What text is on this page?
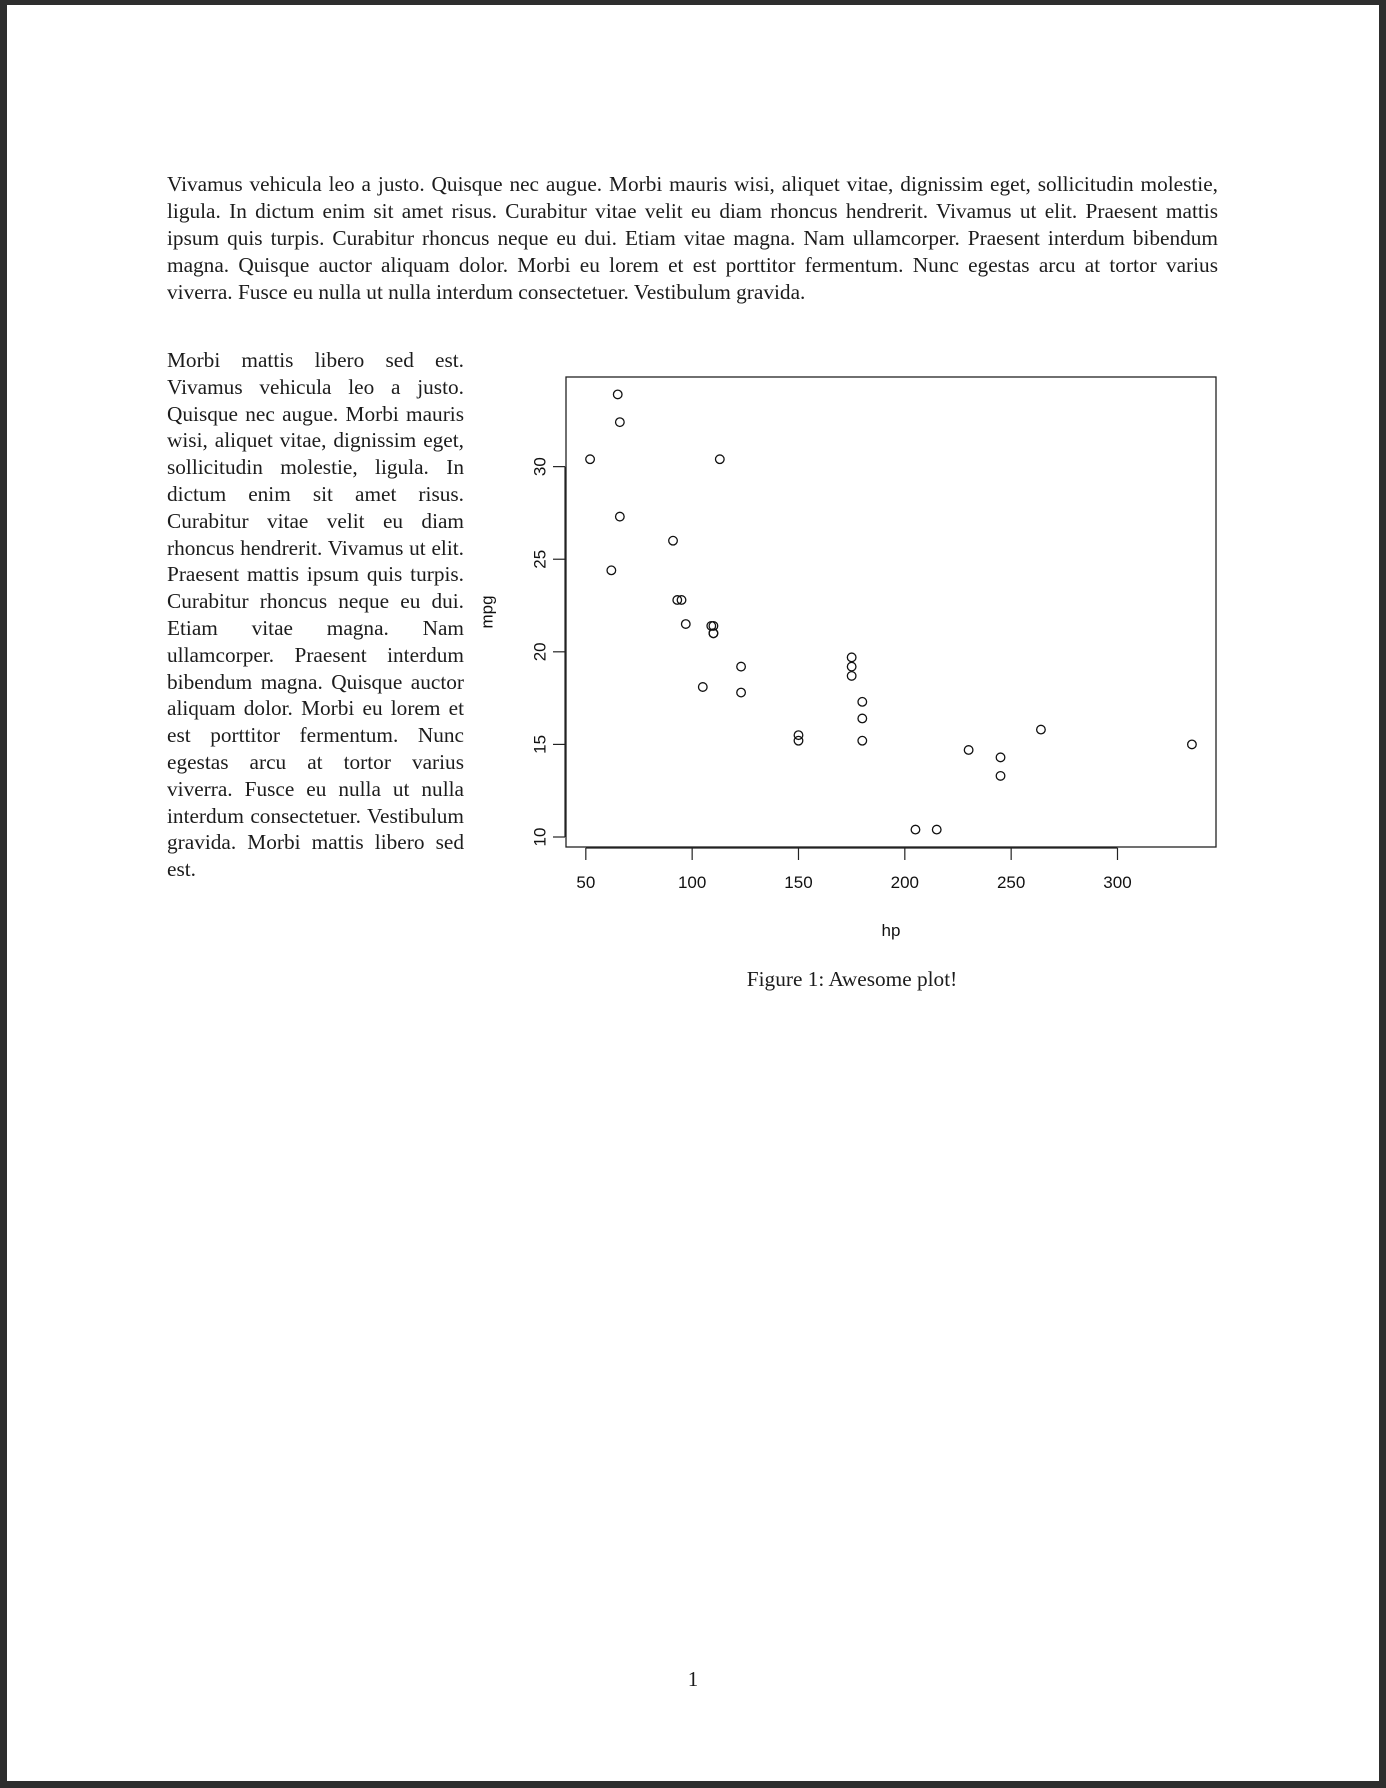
Vivamus vehicula leo a justo. Quisque nec augue. Morbi mauris wisi, aliquet vitae, dignissim eget, sollicitudin molestie, ligula. In dictum enim sit amet risus. Curabitur vitae velit eu diam rhoncus hendrerit. Vivamus ut elit. Praesent mattis ipsum quis turpis. Curabitur rhoncus neque eu dui. Etiam vitae magna. Nam ullamcorper. Praesent interdum bibendum magna. Quisque auctor aliquam dolor. Morbi eu lorem et est porttitor fermentum. Nunc egestas arcu at tortor varius viverra. Fusce eu nulla ut nulla interdum consectetuer. Vestibulum gravida.

Morbi mattis libero sed est. Vivamus vehicula leo a justo. Quisque nec augue. Morbi mauris wisi, aliquet vitae, dignissim eget, sollicitudin molestie, ligula. In dictum enim sit amet risus. Curabitur vitae velit eu diam rhoncus hendrerit. Vivamus ut elit. Praesent mattis ipsum quis turpis. Curabitur rhoncus neque eu dui. Etiam vitae magna. Nam ullamcorper. Praesent interdum bibendum magna. Quisque auctor aliquam dolor. Morbi eu lorem et est porttitor fermentum. Nunc egestas arcu at tortor varius viverra. Fusce eu nulla ut nulla interdum consectetuer. Vestibulum gravida. Morbi mattis libero sed est.

50	100	150	200	250	300
10
15
20
25
30
hp
mpg
Figure 1: Awesome plot!
1
